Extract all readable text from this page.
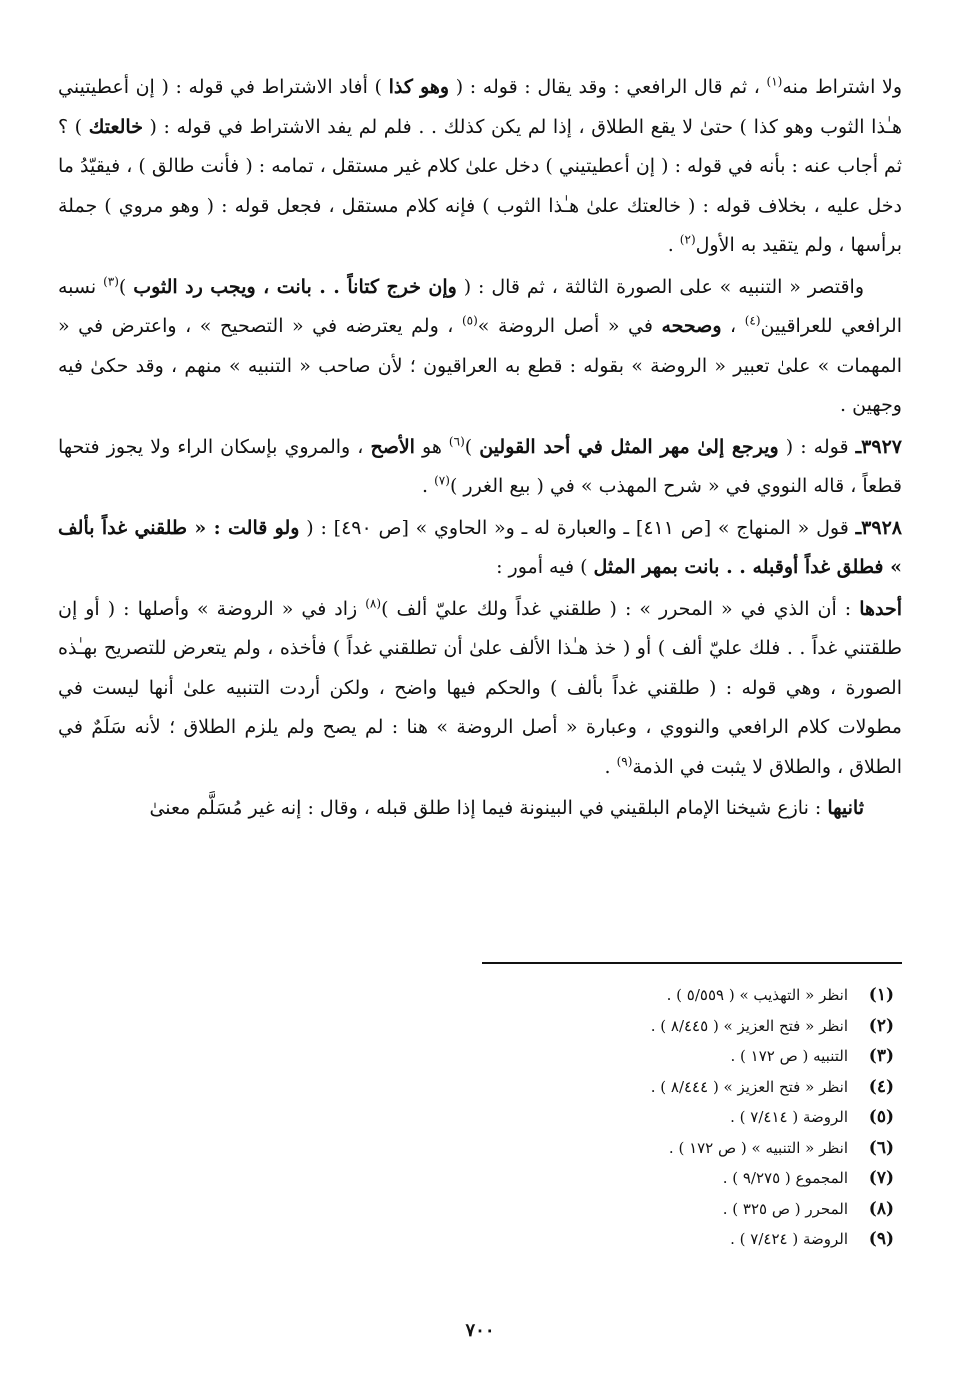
ولا اشتراط منه$^{(١)}$ ، ثم قال الرافعي : وقد يقال : قوله : ( وهو كذا ) أفاد الاشتراط في قوله : ( إن أعطيتيني هـٰذا الثوب وهو كذا ) حتىٰ لا يقع الطلاق ، إذا لم يكن كذلك . . فلم لم يفد الاشتراط في قوله : ( خالعتك ) ؟ ثم أجاب عنه : بأنه في قوله : ( إن أعطيتيني ) دخل علىٰ كلام غير مستقل ، تمامه : ( فأنت طالق ) ، فيقيّدُ ما دخل عليه ، بخلاف قوله : ( خالعتك علىٰ هـٰذا الثوب ) فإنه كلام مستقل ، فجعل قوله : ( وهو مروي ) جملة برأسها ، ولم يتقيد به الأول$^{(٢)}$ .

واقتصر « التنبيه » على الصورة الثالثة ، ثم قال : ( وإن خرج كتاناً . . بانت ، ويجب رد الثوب )$^{(٣)}$ نسبه الرافعي للعراقيين$^{(٤)}$ ، وصححه في « أصل الروضة »$^{(٥)}$ ، ولم يعترضه في « التصحيح » ، واعترض في « المهمات » علىٰ تعبير « الروضة » بقوله : قطع به العراقيون ؛ لأن صاحب « التنبيه » منهم ، وقد حكىٰ فيه وجهين .

٣٩٢٧ـ قوله : ( ويرجع إلىٰ مهر المثل في أحد القولين )$^{(٦)}$ هو الأصح ، والمروي بإسكان الراء ولا يجوز فتحها قطعاً ، قاله النووي في « شرح المهذب » في ( بيع الغرر )$^{(٧)}$ .

٣٩٢٨ـ قول « المنهاج » [ص ٤١١] ـ والعبارة له ـ و« الحاوي » [ص ٤٩٠] : ( ولو قالت : « طلقني غداً بألف » فطلق غداً أوقبله . . بانت بمهر المثل ) فيه أمور :

أحدها : أن الذي في « المحرر » : ( طلقني غداً ولك عليّ ألف )$^{(٨)}$ زاد في « الروضة » وأصلها : ( أو إن طلقتني غداً . . فلك عليّ ألف ) أو ( خذ هـٰذا الألف علىٰ أن تطلقني غداً ) فأخذه ، ولم يتعرض للتصريح بهـٰذه الصورة ، وهي قوله : ( طلقني غداً بألف ) والحكم فيها واضح ، ولكن أردت التنبيه علىٰ أنها ليست في مطولات كلام الرافعي والنووي ، وعبارة « أصل الروضة » هنا : لم يصح ولم يلزم الطلاق ؛ لأنه سَلَمٌ في الطلاق ، والطلاق لا يثبت في الذمة$^{(٩)}$ .

ثانيها : نازع شيخنا الإمام البلقيني في البينونة فيما إذا طلق قبله ، وقال : إنه غير مُسَلَّم معنىٰ

(١)
انظر « التهذيب » ( ٥/٥٥٩ ) .
(٢)
انظر « فتح العزيز » ( ٨/٤٤٥ ) .
(٣)
التنبيه ( ص ١٧٢ ) .
(٤)
انظر « فتح العزيز » ( ٨/٤٤٤ ) .
(٥)
الروضة ( ٧/٤١٤ ) .
(٦)
انظر « التنبيه » ( ص ١٧٢ ) .
(٧)
المجموع ( ٩/٢٧٥ ) .
(٨)
المحرر ( ص ٣٢٥ ) .
(٩)
الروضة ( ٧/٤٢٤ ) .
٧٠٠
